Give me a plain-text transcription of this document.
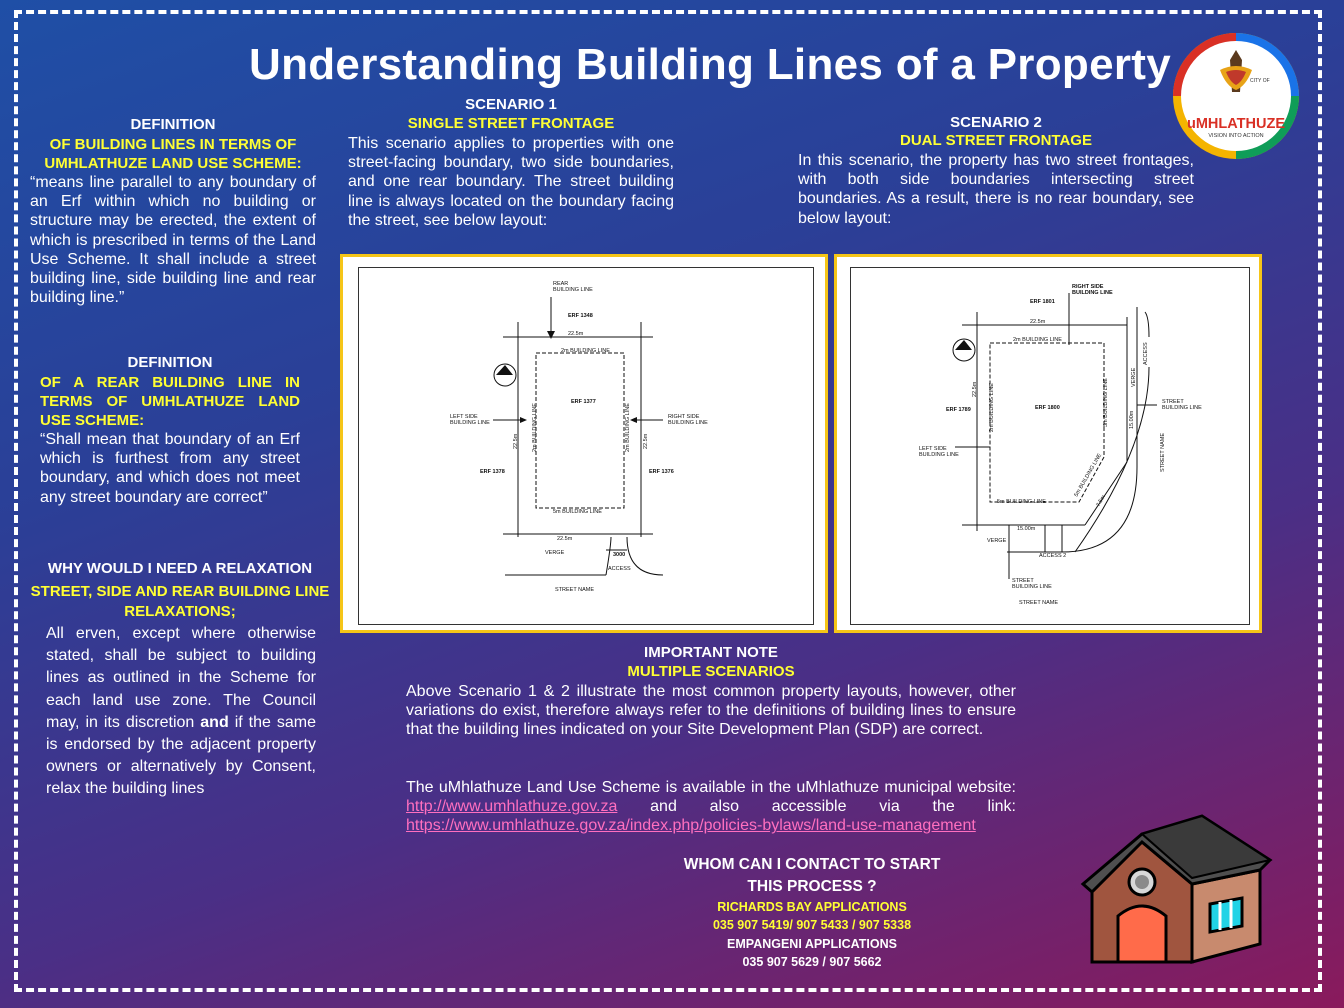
Understanding Building Lines of a Property	CITY OF
uMHLATHUZE
VISION INTO ACTION
DEFINITION
OF BUILDING LINES IN TERMS OF UMHLATHUZE LAND USE SCHEME:
“means line parallel to any boundary of an Erf within which no building or structure may be erected, the extent of which is prescribed in terms of the Land Use Scheme. It shall include a street building line, side building line and rear building line.”
DEFINITION
OF A REAR BUILDING LINE IN TERMS OF UMHLATHUZE LAND USE SCHEME:
“Shall mean that boundary of an Erf which is furthest from any street boundary, and which does not meet any street boundary are correct”
WHY WOULD I NEED A RELAXATION
STREET, SIDE AND REAR BUILDING LINE
RELAXATIONS;
All erven, except where otherwise stated, shall be subject to building lines as outlined in the Scheme for each land use zone. The Council may, in its discretion and if the same is endorsed by the adjacent property owners or alternatively by Consent, relax the building lines
SCENARIO 1
SINGLE STREET FRONTAGE
This scenario applies to properties with one street-facing boundary, two side boundaries, and one rear boundary. The street building line is always located on the boundary facing the street, see below layout:
SCENARIO 2
DUAL STREET FRONTAGE
In this scenario, the property has two street frontages, with both side boundaries intersecting street boundaries. As a result, there is no rear boundary, see below layout:
REAR
BUILDING LINE
ERF 1348
22.5m
2m BUILDING LINE
ERF 1377
LEFT SIDE
BUILDING LINE
RIGHT SIDE
BUILDING LINE
2m BUILDING LINE	2m BUILDING LINE
22.5m	22.5m
ERF 1378	ERF 1376
5m BUILDING LINE
22.5m
VERGE	3000
ACCESS
STREET NAME
RIGHT SIDE
BUILDING LINE
ERF 1801
22.5m
2m BUILDING LINE
ERF 1800
ERF 1789
22.5m 2m BUILDING LINE	5m BUILDING LINE
5m BUILDING LINE
LEFT SIDE
BUILDING LINE
5m BUILDING LINE
15.00m
15.00m
7.5m
VERGE
ACCESS
STREET
BUILDING LINE
STREET NAME
VERGE
ACCESS 2
STREET
BUILDING LINE
STREET NAME
IMPORTANT NOTE
MULTIPLE SCENARIOS
Above Scenario 1 & 2 illustrate the most common property layouts, however, other variations do exist, therefore always refer to the definitions of building lines to ensure that the building lines indicated on your Site Development Plan (SDP) are correct.
The uMhlathuze Land Use Scheme is available in the uMhlathuze municipal website: http://www.umhlathuze.gov.za and also accessible via the link: https://www.umhlathuze.gov.za/index.php/policies-bylaws/land-use-management
WHOM CAN I CONTACT TO START
THIS PROCESS ?
RICHARDS BAY APPLICATIONS
035 907 5419/ 907 5433 / 907 5338
EMPANGENI APPLICATIONS
035 907 5629 / 907 5662
